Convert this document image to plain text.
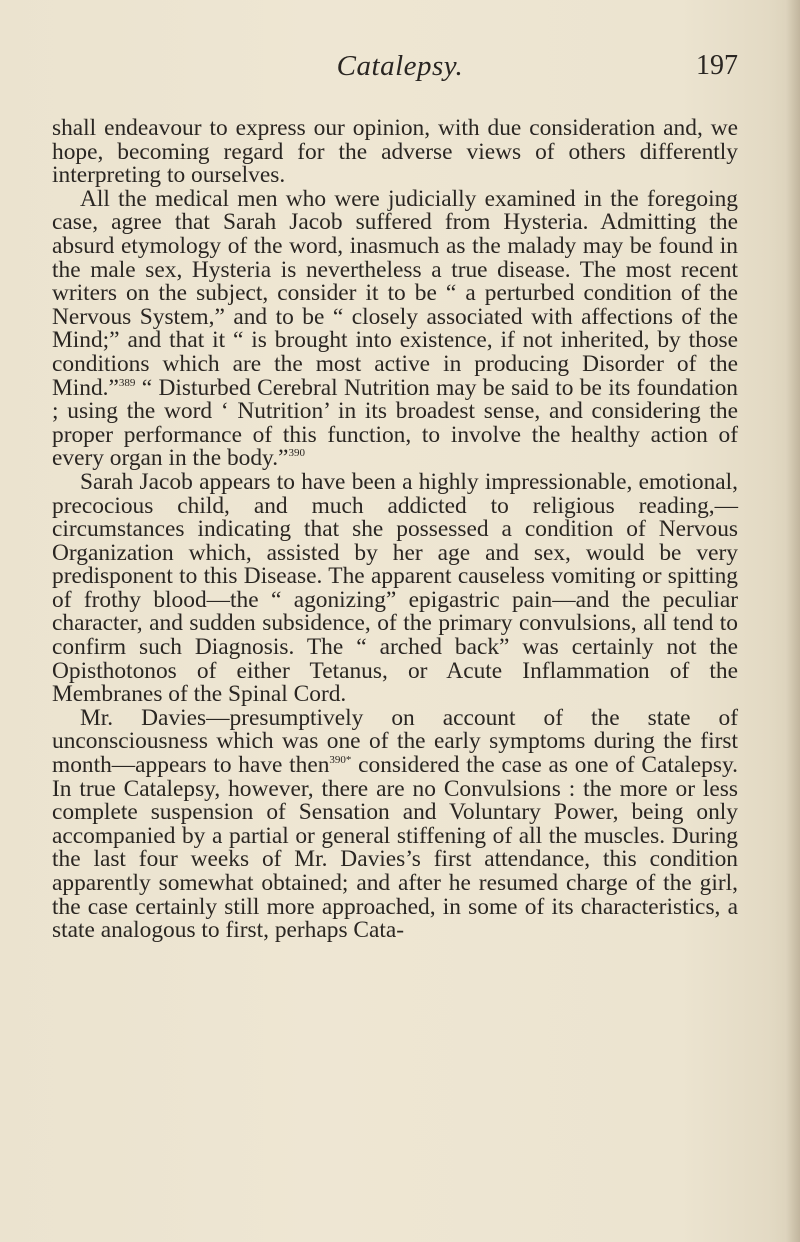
Catalepsy.	197

shall endeavour to express our opinion, with due consideration and, we hope, becoming regard for the adverse views of others differently interpreting to ourselves.

All the medical men who were judicially examined in the foregoing case, agree that Sarah Jacob suffered from Hysteria. Admitting the absurd etymology of the word, inasmuch as the malady may be found in the male sex, Hysteria is nevertheless a true disease. The most recent writers on the subject, consider it to be “ a perturbed condition of the Nervous System,” and to be “ closely associated with affections of the Mind;” and that it “ is brought into existence, if not inherited, by those conditions which are the most active in producing Disorder of the Mind.”$^{389}$ “ Disturbed Cerebral Nutrition may be said to be its foundation ; using the word ‘ Nutrition’ in its broadest sense, and considering the proper performance of this function, to involve the healthy action of every organ in the body.”$^{390}$

Sarah Jacob appears to have been a highly impressionable, emotional, precocious child, and much addicted to religious reading,—circumstances indicating that she possessed a condition of Nervous Organization which, assisted by her age and sex, would be very predisponent to this Disease. The apparent causeless vomiting or spitting of frothy blood—the “ agonizing” epigastric pain—and the peculiar character, and sudden subsidence, of the primary convulsions, all tend to confirm such Diagnosis. The “ arched back” was certainly not the Opisthotonos of either Tetanus, or Acute Inflammation of the Membranes of the Spinal Cord.

Mr. Davies—presumptively on account of the state of unconsciousness which was one of the early symptoms during the first month—appears to have then$^{390*}$ considered the case as one of Catalepsy. In true Catalepsy, however, there are no Convulsions : the more or less complete suspension of Sensation and Voluntary Power, being only accompanied by a partial or general stiffening of all the muscles. During the last four weeks of Mr. Davies’s first attendance, this condition apparently somewhat obtained; and after he resumed charge of the girl, the case certainly still more approached, in some of its characteristics, a state analogous to first, perhaps Cata-
